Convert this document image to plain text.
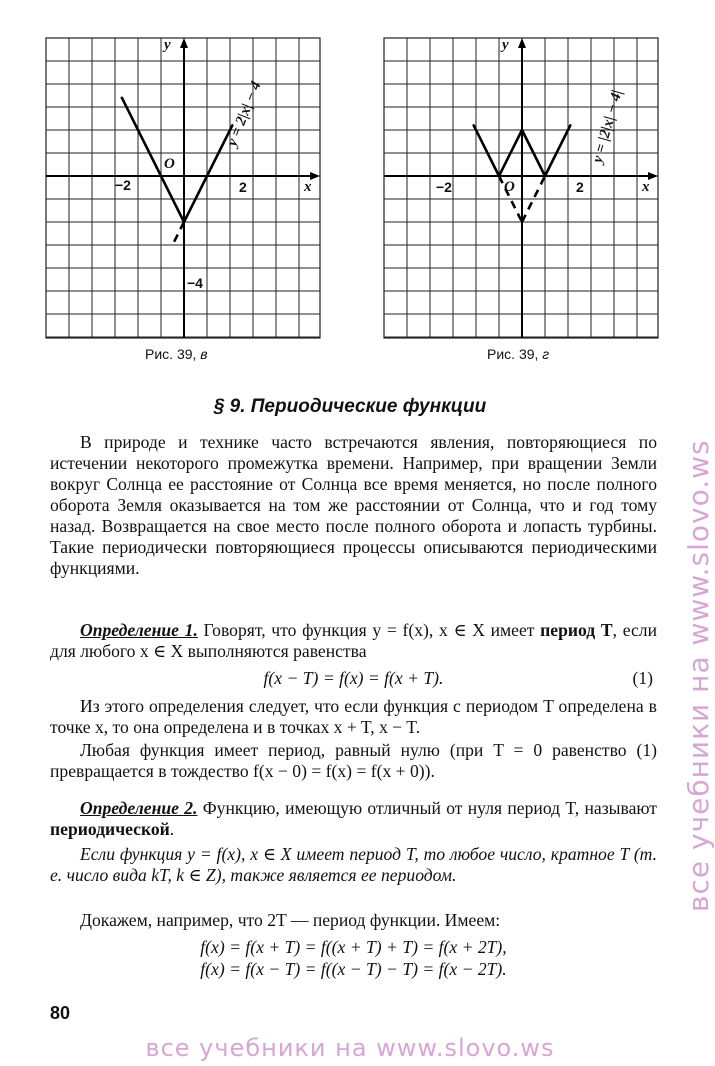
y
x
O
−2	2
−4
y = 2|x| − 4
y
x
O
−2	2
y = |2|x| − 4|
Рис. 39, в	Рис. 39, г
§ 9. Периодические функции

В природе и технике часто встречаются явления, повторяющиеся по истечении некоторого промежутка времени. Например, при вращении Земли вокруг Солнца ее расстояние от Солнца все время меняется, но после полного оборота Земля оказывается на том же расстоянии от Солнца, что и год тому назад. Возвращается на свое место после полного оборота и лопасть турбины. Такие периодически повторяющиеся процессы описываются периодическими функциями.

Определение 1. Говорят, что функция y = f(x), x ∈ X имеет период T, если для любого x ∈ X выполняются равенства

f(x − T) = f(x) = f(x + T).	(1)

Из этого определения следует, что если функция с периодом T определена в точке x, то она определена и в точках x + T, x − T.

Любая функция имеет период, равный нулю (при T = 0 равенство (1) превращается в тождество f(x − 0) = f(x) = f(x + 0)).

Определение 2. Функцию, имеющую отличный от нуля период T, называют периодической.

Если функция y = f(x), x ∈ X имеет период T, то любое число, кратное T (т. е. число вида kT, k ∈ Z), также является ее периодом.

Докажем, например, что 2T — период функции. Имеем:

f(x) = f(x + T) = f((x + T) + T) = f(x + 2T),
f(x) = f(x − T) = f((x − T) − T) = f(x − 2T).
80
все учебники на www.slovo.ws
все учебники на www.slovo.ws
